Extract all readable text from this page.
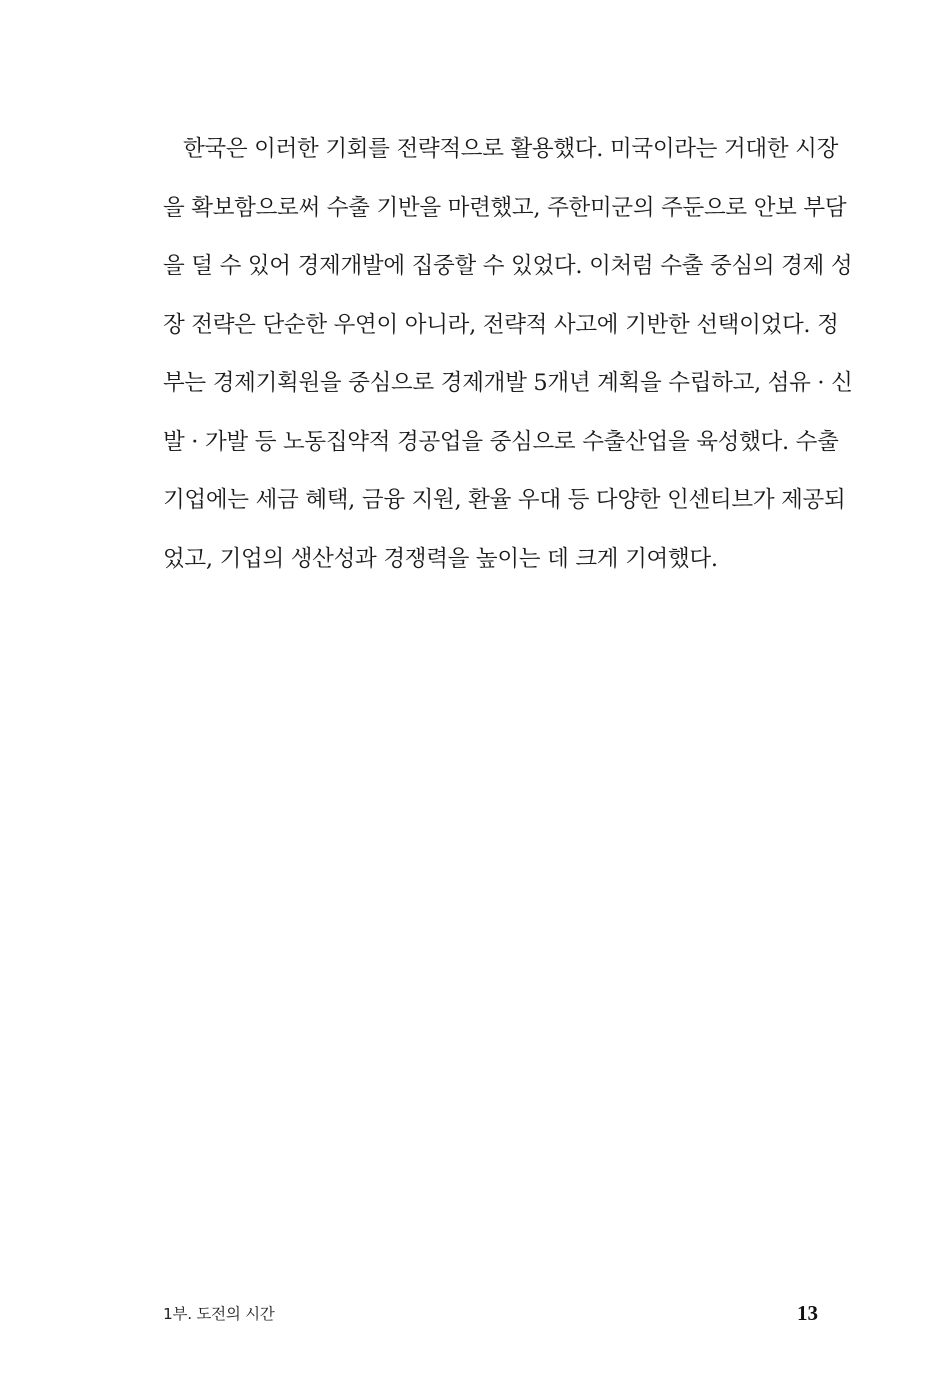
한국은 이러한 기회를 전략적으로 활용했다. 미국이라는 거대한 시장
을 확보함으로써 수출 기반을 마련했고, 주한미군의 주둔으로 안보 부담
을 덜 수 있어 경제개발에 집중할 수 있었다. 이처럼 수출 중심의 경제 성
장 전략은 단순한 우연이 아니라, 전략적 사고에 기반한 선택이었다. 정
부는 경제기획원을 중심으로 경제개발 5개년 계획을 수립하고, 섬유 · 신
발 · 가발 등 노동집약적 경공업을 중심으로 수출산업을 육성했다. 수출
기업에는 세금 혜택, 금융 지원, 환율 우대 등 다양한 인센티브가 제공되
었고, 기업의 생산성과 경쟁력을 높이는 데 크게 기여했다.
1부. 도전의 시간	13
